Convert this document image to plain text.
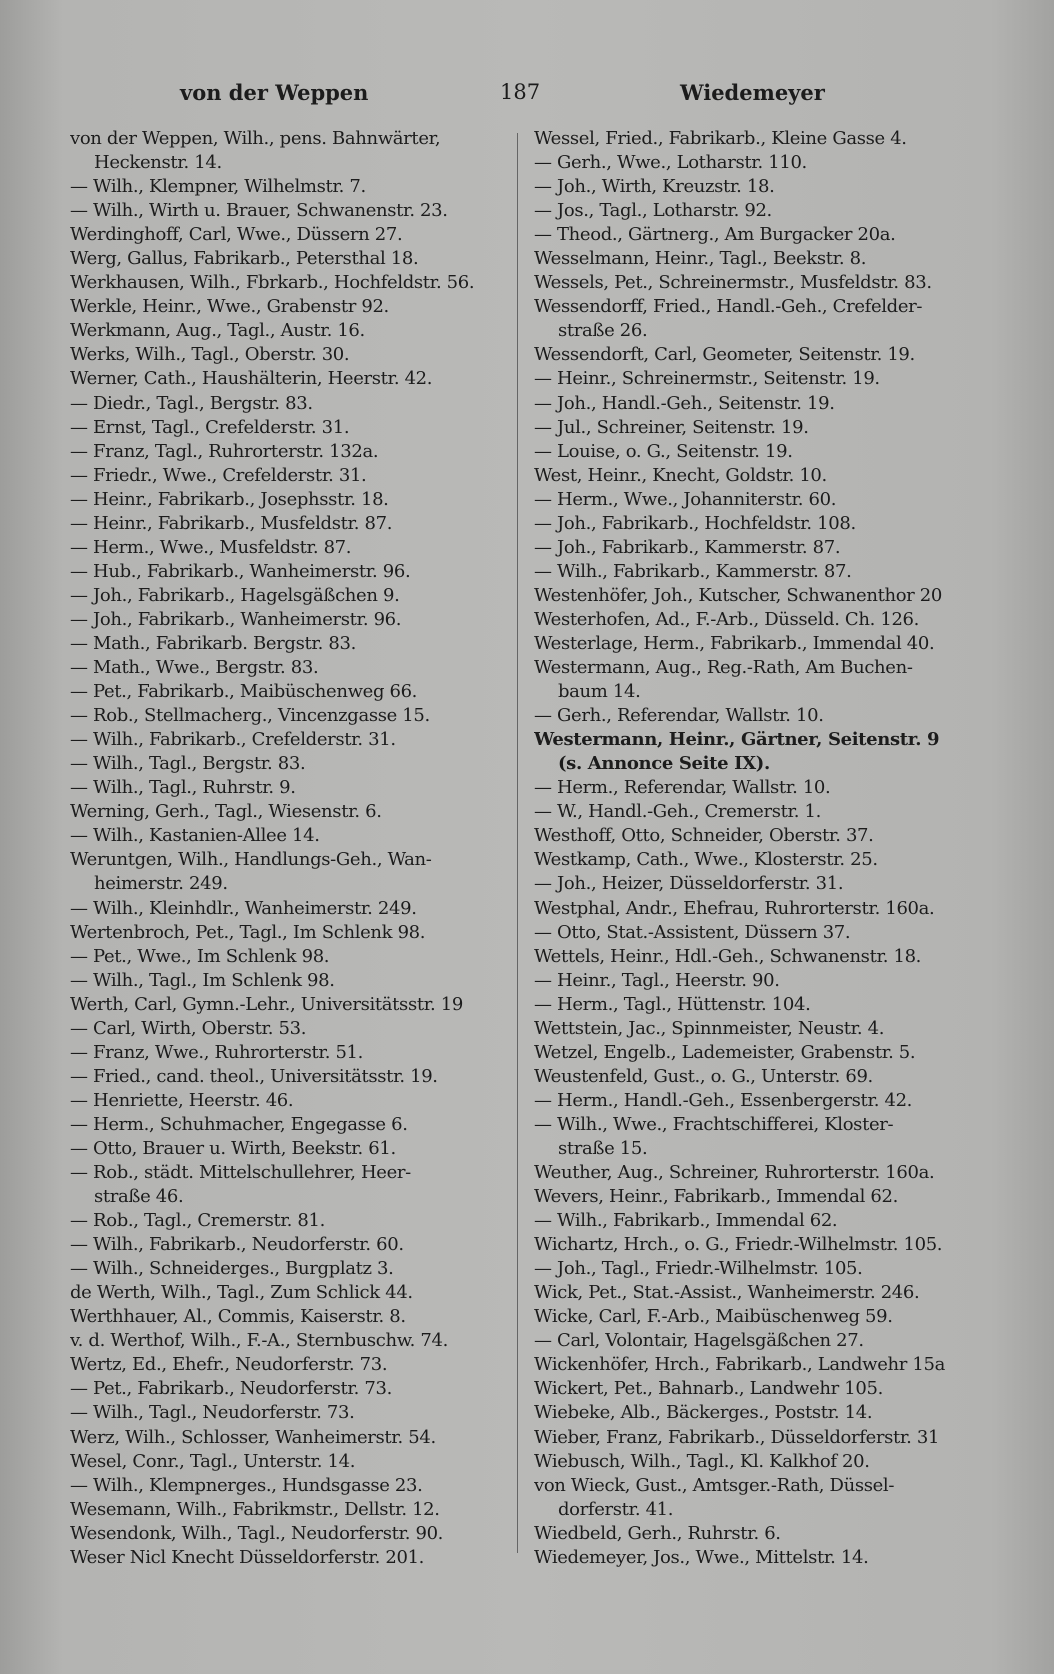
von der Weppen	187	Wiedemeyer
von der Weppen, Wilh., pens. Bahnwärter,
Heckenstr. 14.
— Wilh., Klempner, Wilhelmstr. 7.
— Wilh., Wirth u. Brauer, Schwanenstr. 23.
Werdinghoff, Carl, Wwe., Düssern 27.
Werg, Gallus, Fabrikarb., Petersthal 18.
Werkhausen, Wilh., Fbrkarb., Hochfeldstr. 56.
Werkle, Heinr., Wwe., Grabenstr 92.
Werkmann, Aug., Tagl., Austr. 16.
Werks, Wilh., Tagl., Oberstr. 30.
Werner, Cath., Haushälterin, Heerstr. 42.
— Diedr., Tagl., Bergstr. 83.
— Ernst, Tagl., Crefelderstr. 31.
— Franz, Tagl., Ruhrorterstr. 132a.
— Friedr., Wwe., Crefelderstr. 31.
— Heinr., Fabrikarb., Josephsstr. 18.
— Heinr., Fabrikarb., Musfeldstr. 87.
— Herm., Wwe., Musfeldstr. 87.
— Hub., Fabrikarb., Wanheimerstr. 96.
— Joh., Fabrikarb., Hagelsgäßchen 9.
— Joh., Fabrikarb., Wanheimerstr. 96.
— Math., Fabrikarb. Bergstr. 83.
— Math., Wwe., Bergstr. 83.
— Pet., Fabrikarb., Maibüschenweg 66.
— Rob., Stellmacherg., Vincenzgasse 15.
— Wilh., Fabrikarb., Crefelderstr. 31.
— Wilh., Tagl., Bergstr. 83.
— Wilh., Tagl., Ruhrstr. 9.
Werning, Gerh., Tagl., Wiesenstr. 6.
— Wilh., Kastanien-Allee 14.
Weruntgen, Wilh., Handlungs-Geh., Wan-
heimerstr. 249.
— Wilh., Kleinhdlr., Wanheimerstr. 249.
Wertenbroch, Pet., Tagl., Im Schlenk 98.
— Pet., Wwe., Im Schlenk 98.
— Wilh., Tagl., Im Schlenk 98.
Werth, Carl, Gymn.-Lehr., Universitätsstr. 19
— Carl, Wirth, Oberstr. 53.
— Franz, Wwe., Ruhrorterstr. 51.
— Fried., cand. theol., Universitätsstr. 19.
— Henriette, Heerstr. 46.
— Herm., Schuhmacher, Engegasse 6.
— Otto, Brauer u. Wirth, Beekstr. 61.
— Rob., städt. Mittelschullehrer, Heer-
straße 46.
— Rob., Tagl., Cremerstr. 81.
— Wilh., Fabrikarb., Neudorferstr. 60.
— Wilh., Schneiderges., Burgplatz 3.
de Werth, Wilh., Tagl., Zum Schlick 44.
Werthhauer, Al., Commis, Kaiserstr. 8.
v. d. Werthof, Wilh., F.-A., Sternbuschw. 74.
Wertz, Ed., Ehefr., Neudorferstr. 73.
— Pet., Fabrikarb., Neudorferstr. 73.
— Wilh., Tagl., Neudorferstr. 73.
Werz, Wilh., Schlosser, Wanheimerstr. 54.
Wesel, Conr., Tagl., Unterstr. 14.
— Wilh., Klempnerges., Hundsgasse 23.
Wesemann, Wilh., Fabrikmstr., Dellstr. 12.
Wesendonk, Wilh., Tagl., Neudorferstr. 90.
Weser Nicl Knecht Düsseldorferstr. 201.
Wessel, Fried., Fabrikarb., Kleine Gasse 4.
— Gerh., Wwe., Lotharstr. 110.
— Joh., Wirth, Kreuzstr. 18.
— Jos., Tagl., Lotharstr. 92.
— Theod., Gärtnerg., Am Burgacker 20a.
Wesselmann, Heinr., Tagl., Beekstr. 8.
Wessels, Pet., Schreinermstr., Musfeldstr. 83.
Wessendorff, Fried., Handl.-Geh., Crefelder-
straße 26.
Wessendorft, Carl, Geometer, Seitenstr. 19.
— Heinr., Schreinermstr., Seitenstr. 19.
— Joh., Handl.-Geh., Seitenstr. 19.
— Jul., Schreiner, Seitenstr. 19.
— Louise, o. G., Seitenstr. 19.
West, Heinr., Knecht, Goldstr. 10.
— Herm., Wwe., Johanniterstr. 60.
— Joh., Fabrikarb., Hochfeldstr. 108.
— Joh., Fabrikarb., Kammerstr. 87.
— Wilh., Fabrikarb., Kammerstr. 87.
Westenhöfer, Joh., Kutscher, Schwanenthor 20
Westerhofen, Ad., F.-Arb., Düsseld. Ch. 126.
Westerlage, Herm., Fabrikarb., Immendal 40.
Westermann, Aug., Reg.-Rath, Am Buchen-
baum 14.
— Gerh., Referendar, Wallstr. 10.
Westermann, Heinr., Gärtner, Seitenstr. 9
(s. Annonce Seite IX).
— Herm., Referendar, Wallstr. 10.
— W., Handl.-Geh., Cremerstr. 1.
Westhoff, Otto, Schneider, Oberstr. 37.
Westkamp, Cath., Wwe., Klosterstr. 25.
— Joh., Heizer, Düsseldorferstr. 31.
Westphal, Andr., Ehefrau, Ruhrorterstr. 160a.
— Otto, Stat.-Assistent, Düssern 37.
Wettels, Heinr., Hdl.-Geh., Schwanenstr. 18.
— Heinr., Tagl., Heerstr. 90.
— Herm., Tagl., Hüttenstr. 104.
Wettstein, Jac., Spinnmeister, Neustr. 4.
Wetzel, Engelb., Lademeister, Grabenstr. 5.
Weustenfeld, Gust., o. G., Unterstr. 69.
— Herm., Handl.-Geh., Essenbergerstr. 42.
— Wilh., Wwe., Frachtschifferei, Kloster-
straße 15.
Weuther, Aug., Schreiner, Ruhrorterstr. 160a.
Wevers, Heinr., Fabrikarb., Immendal 62.
— Wilh., Fabrikarb., Immendal 62.
Wichartz, Hrch., o. G., Friedr.-Wilhelmstr. 105.
— Joh., Tagl., Friedr.-Wilhelmstr. 105.
Wick, Pet., Stat.-Assist., Wanheimerstr. 246.
Wicke, Carl, F.-Arb., Maibüschenweg 59.
— Carl, Volontair, Hagelsgäßchen 27.
Wickenhöfer, Hrch., Fabrikarb., Landwehr 15a
Wickert, Pet., Bahnarb., Landwehr 105.
Wiebeke, Alb., Bäckerges., Poststr. 14.
Wieber, Franz, Fabrikarb., Düsseldorferstr. 31
Wiebusch, Wilh., Tagl., Kl. Kalkhof 20.
von Wieck, Gust., Amtsger.-Rath, Düssel-
dorferstr. 41.
Wiedbeld, Gerh., Ruhrstr. 6.
Wiedemeyer, Jos., Wwe., Mittelstr. 14.
